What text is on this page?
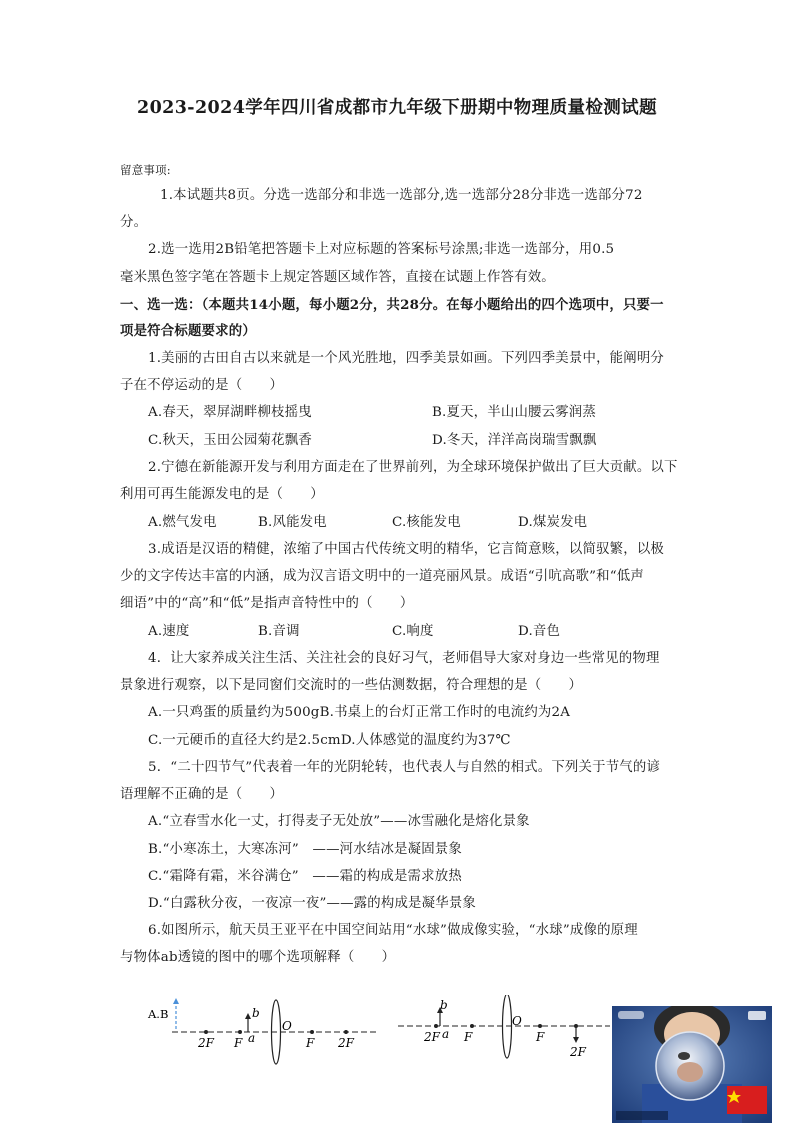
2023-2024学年四川省成都市九年级下册期中物理质量检测试题
留意事项:
1.本试题共8页。分选一选部分和非选一选部分,选一选部分28分非选一选部分72
分。
2.选一选用2B铅笔把答题卡上对应标题的答案标号涂黑;非选一选部分，用0.5
毫米黑色签字笔在答题卡上规定答题区域作答，直接在试题上作答有效。
一、选一选：（本题共14小题，每小题2分，共28分。在每小题给出的四个选项中，只要一
项是符合标题要求的）
1.美丽的古田自古以来就是一个风光胜地，四季美景如画。下列四季美景中，能阐明分
子在不停运动的是（　　）
A.春天，翠屏湖畔柳枝摇曳	B.夏天，半山山腰云雾润蒸
C.秋天，玉田公园菊花飘香	D.冬天，洋洋高岗瑞雪飘飘
2.宁德在新能源开发与利用方面走在了世界前列，为全球环境保护做出了巨大贡献。以下
利用可再生能源发电的是（　　）
A.燃气发电	B.风能发电	C.核能发电	D.煤炭发电
3.成语是汉语的精健，浓缩了中国古代传统文明的精华，它言简意赅，以简驭繁，以极
少的文字传达丰富的内涵，成为汉言语文明中的一道亮丽风景。成语“引吭高歌”和“低声
细语”中的“高”和“低”是指声音特性中的（　　）
A.速度	B.音调	C.响度	D.音色
4．让大家养成关注生活、关注社会的良好习气，老师倡导大家对身边一些常见的物理
景象进行观察，以下是同窗们交流时的一些估测数据，符合理想的是（　　）
A.一只鸡蛋的质量约为500gB.书桌上的台灯正常工作时的电流约为2A
C.一元硬币的直径大约是2.5cmD.人体感觉的温度约为37℃
5．“二十四节气”代表着一年的光阴轮转，也代表人与自然的相式。下列关于节气的谚
语理解不正确的是（　　）
A.“立春雪水化一丈，打得麦子无处放”——冰雪融化是熔化景象
B.“小寒冻土，大寒冻河”　——河水结冰是凝固景象
C.“霜降有霜，米谷满仓”　——霜的构成是需求放热
D.“白露秋分夜，一夜凉一夜”——露的构成是凝华景象
6.如图所示，航天员王亚平在中国空间站用“水球”做成像实验，“水球”成像的原理
与物体ab透镜的图中的哪个选项解释（　　）
A.B	b
a
O
2F F	F 2F
b
a
O
2F F	F
2F
